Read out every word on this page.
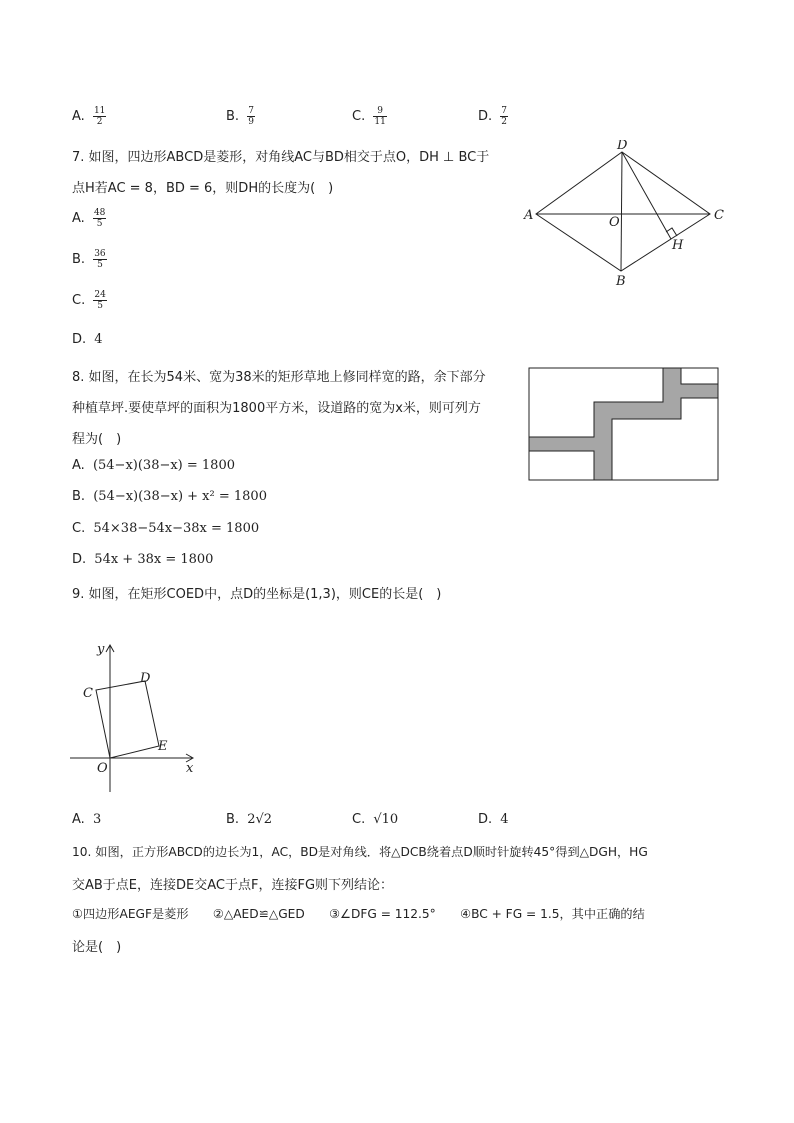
A. $\frac{11}{2}$	B. $\frac{7}{9}$	C. $\frac{9}{11}$	D. $\frac{7}{2}$
7. 如图，四边形ABCD是菱形，对角线AC与BD相交于点O，DH ⊥ BC于
点H若AC = 8，BD = 6，则DH的长度为(　)
A. $\frac{48}{5}$
B. $\frac{36}{5}$
C. $\frac{24}{5}$
D. 4
D
A	C
O
B
H
8. 如图，在长为54米、宽为38米的矩形草地上修同样宽的路，余下部分
种植草坪.要使草坪的面积为1800平方米，设道路的宽为x米，则可列方
程为(　)
A. (54−x)(38−x) = 1800
B. (54−x)(38−x) + x² = 1800
C. 54×38−54x−38x = 1800
D. 54x + 38x = 1800
9. 如图，在矩形COED中，点D的坐标是(1,3)，则CE的长是(　)
y
x
C
D
E
O
A. 3	B. 2√2	C. √10	D. 4
10. 如图，正方形ABCD的边长为1，AC，BD是对角线．将△DCB绕着点D顺时针旋转45°得到△DGH，HG
交AB于点E，连接DE交AC于点F，连接FG则下列结论：
①四边形AEGF是菱形　　②△AED≌△GED　　③∠DFG = 112.5°　　④BC + FG = 1.5，其中正确的结
论是(　)
